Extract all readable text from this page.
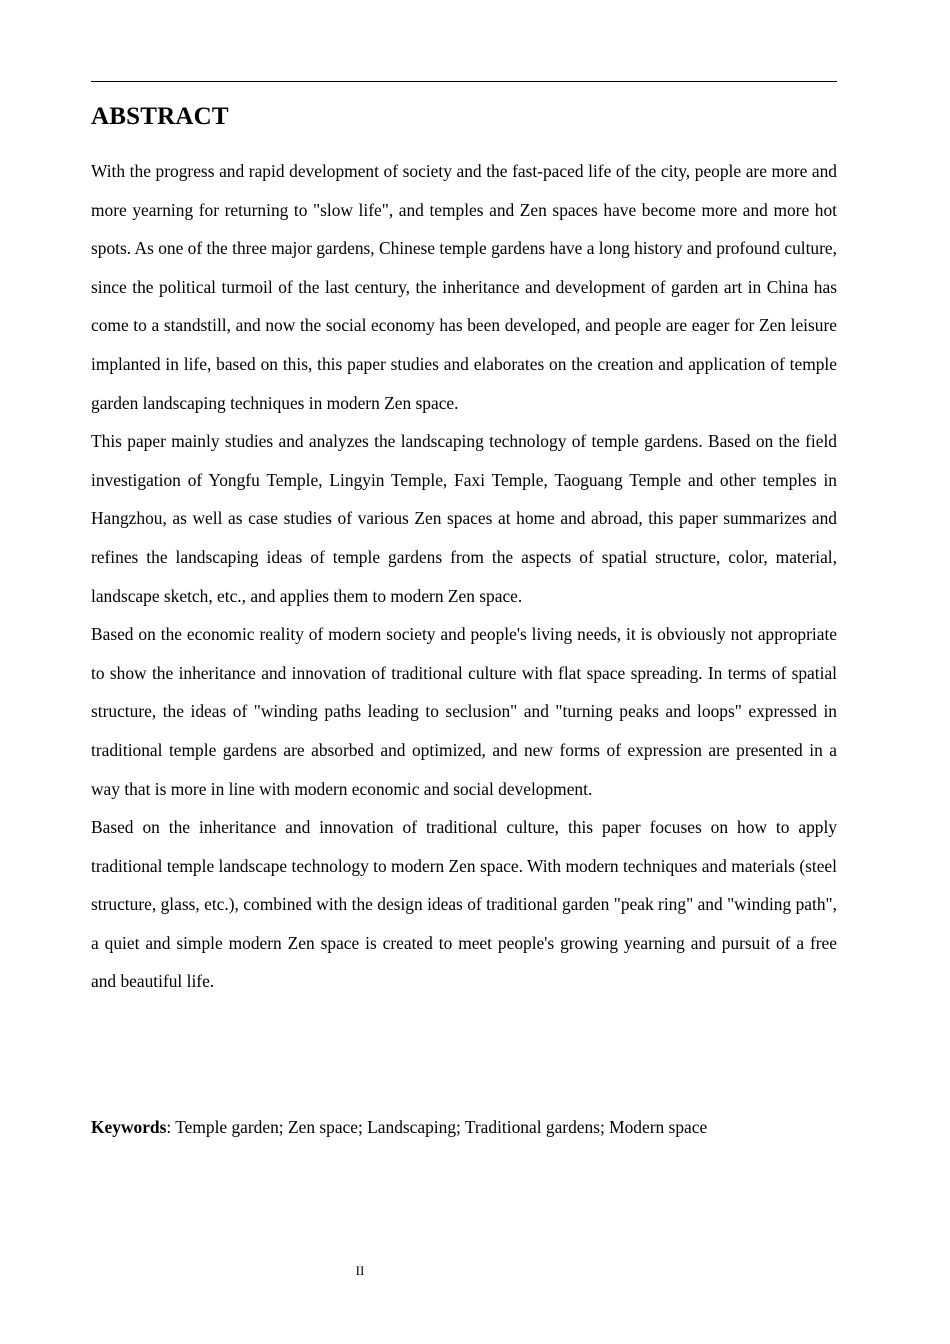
ABSTRACT

With the progress and rapid development of society and the fast-paced life of the city, people are more and more yearning for returning to "slow life", and temples and Zen spaces have become more and more hot spots. As one of the three major gardens, Chinese temple gardens have a long history and profound culture, since the political turmoil of the last century, the inheritance and development of garden art in China has come to a standstill, and now the social economy has been developed, and people are eager for Zen leisure implanted in life, based on this, this paper studies and elaborates on the creation and application of temple garden landscaping techniques in modern Zen space.

This paper mainly studies and analyzes the landscaping technology of temple gardens. Based on the field investigation of Yongfu Temple, Lingyin Temple, Faxi Temple, Taoguang Temple and other temples in Hangzhou, as well as case studies of various Zen spaces at home and abroad, this paper summarizes and refines the landscaping ideas of temple gardens from the aspects of spatial structure, color, material, landscape sketch, etc., and applies them to modern Zen space.

Based on the economic reality of modern society and people's living needs, it is obviously not appropriate to show the inheritance and innovation of traditional culture with flat space spreading. In terms of spatial structure, the ideas of "winding paths leading to seclusion" and "turning peaks and loops" expressed in traditional temple gardens are absorbed and optimized, and new forms of expression are presented in a way that is more in line with modern economic and social development.

Based on the inheritance and innovation of traditional culture, this paper focuses on how to apply traditional temple landscape technology to modern Zen space. With modern techniques and materials (steel structure, glass, etc.), combined with the design ideas of traditional garden "peak ring" and "winding path", a quiet and simple modern Zen space is created to meet people's growing yearning and pursuit of a free and beautiful life.

Keywords: Temple garden; Zen space; Landscaping; Traditional gardens; Modern space

II
